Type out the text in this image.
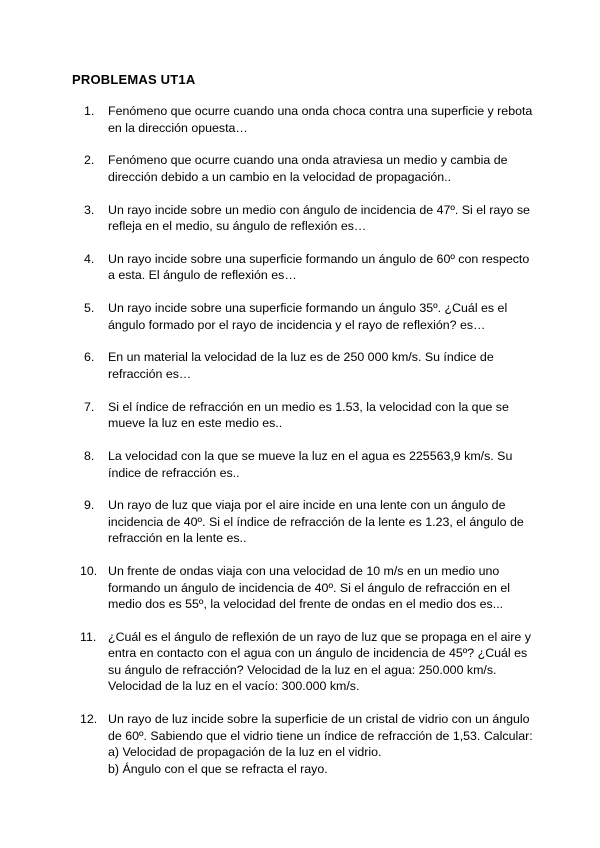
PROBLEMAS UT1A
1.	Fenómeno que ocurre cuando una onda choca contra una superficie y rebota
en la dirección opuesta…
2.	Fenómeno que ocurre cuando una onda atraviesa un medio y cambia de
dirección debido a un cambio en la velocidad de propagación..
3.	Un rayo incide sobre un medio con ángulo de incidencia de 47º. Si el rayo se
refleja en el medio, su ángulo de reflexión es…
4.	Un rayo incide sobre una superficie formando un ángulo de 60º con respecto
a esta. El ángulo de reflexión es…
5.	Un rayo incide sobre una superficie formando un ángulo 35º. ¿Cuál es el
ángulo formado por el rayo de incidencia y el rayo de reflexión? es…
6.	En un material la velocidad de la luz es de 250 000 km/s. Su índice de
refracción es…
7.	Si el índice de refracción en un medio es 1.53, la velocidad con la que se
mueve la luz en este medio es..
8.	La velocidad con la que se mueve la luz en el agua es 225563,9 km/s. Su
índice de refracción es..
9.	Un rayo de luz que viaja por el aire incide en una lente con un ángulo de
incidencia de 40º. Si el índice de refracción de la lente es 1.23, el ángulo de
refracción en la lente es..
10. Un frente de ondas viaja con una velocidad de 10 m/s en un medio uno
formando un ángulo de incidencia de 40º. Si el ángulo de refracción en el
medio dos es 55º, la velocidad del frente de ondas en el medio dos es...
11. ¿Cuál es el ángulo de reflexión de un rayo de luz que se propaga en el aire y
entra en contacto con el agua con un ángulo de incidencia de 45º? ¿Cuál es
su ángulo de refracción? Velocidad de la luz en el agua: 250.000 km/s.
Velocidad de la luz en el vacío: 300.000 km/s.
12. Un rayo de luz incide sobre la superficie de un cristal de vidrio con un ángulo
de 60º. Sabiendo que el vidrio tiene un índice de refracción de 1,53. Calcular:
a) Velocidad de propagación de la luz en el vidrio.
b) Ángulo con el que se refracta el rayo.
